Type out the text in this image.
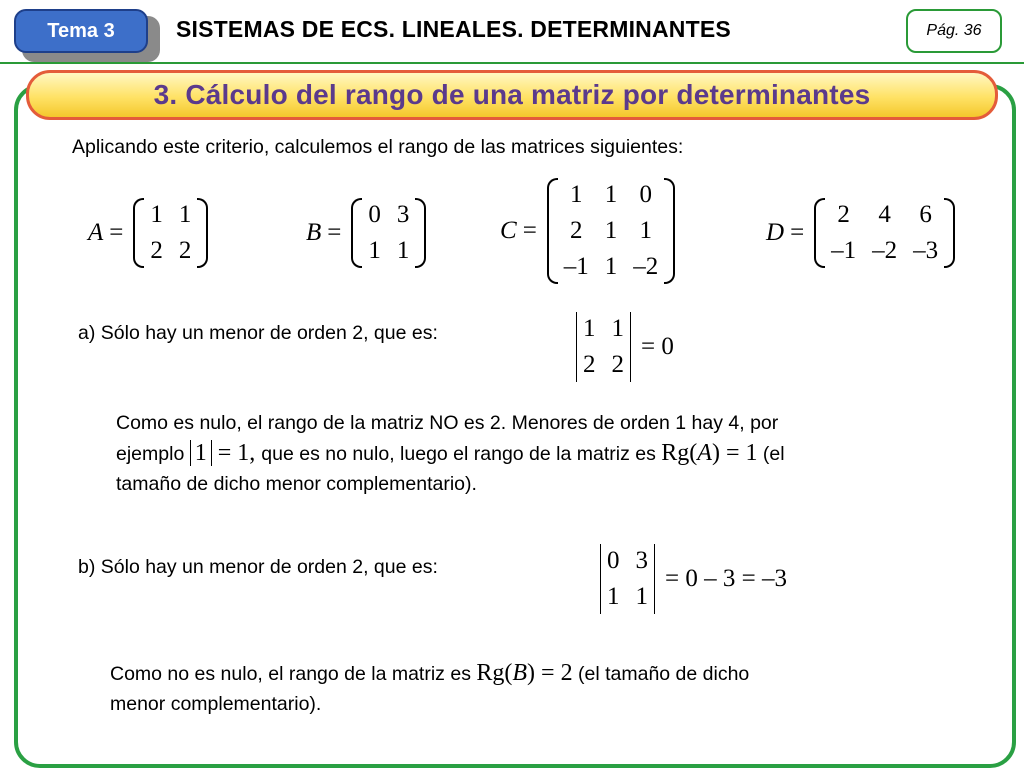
Tema 3	SISTEMAS DE ECS. LINEALES. DETERMINANTES	Pág. 36
3. Cálculo del rango de una matriz por determinantes
Aplicando este criterio, calculemos el rango de las matrices siguientes:
A =
1 1
2 2
B =
0 3
1 1
C =
1 1 0
2 1 1
–1 1 –2
D =
2 4 6
–1 –2 –3
a) Sólo hay un menor de orden 2, que es:	1 1
2 2
= 0
Como es nulo, el rango de la matriz NO es 2. Menores de orden 1 hay 4, por
ejemplo 1 = 1, que es no nulo, luego el rango de la matriz es Rg(A) = 1 (el
tamaño de dicho menor complementario).
b) Sólo hay un menor de orden 2, que es:	0 3
1 1
= 0 – 3 = –3
Como no es nulo, el rango de la matriz es Rg(B) = 2 (el tamaño de dicho
menor complementario).
